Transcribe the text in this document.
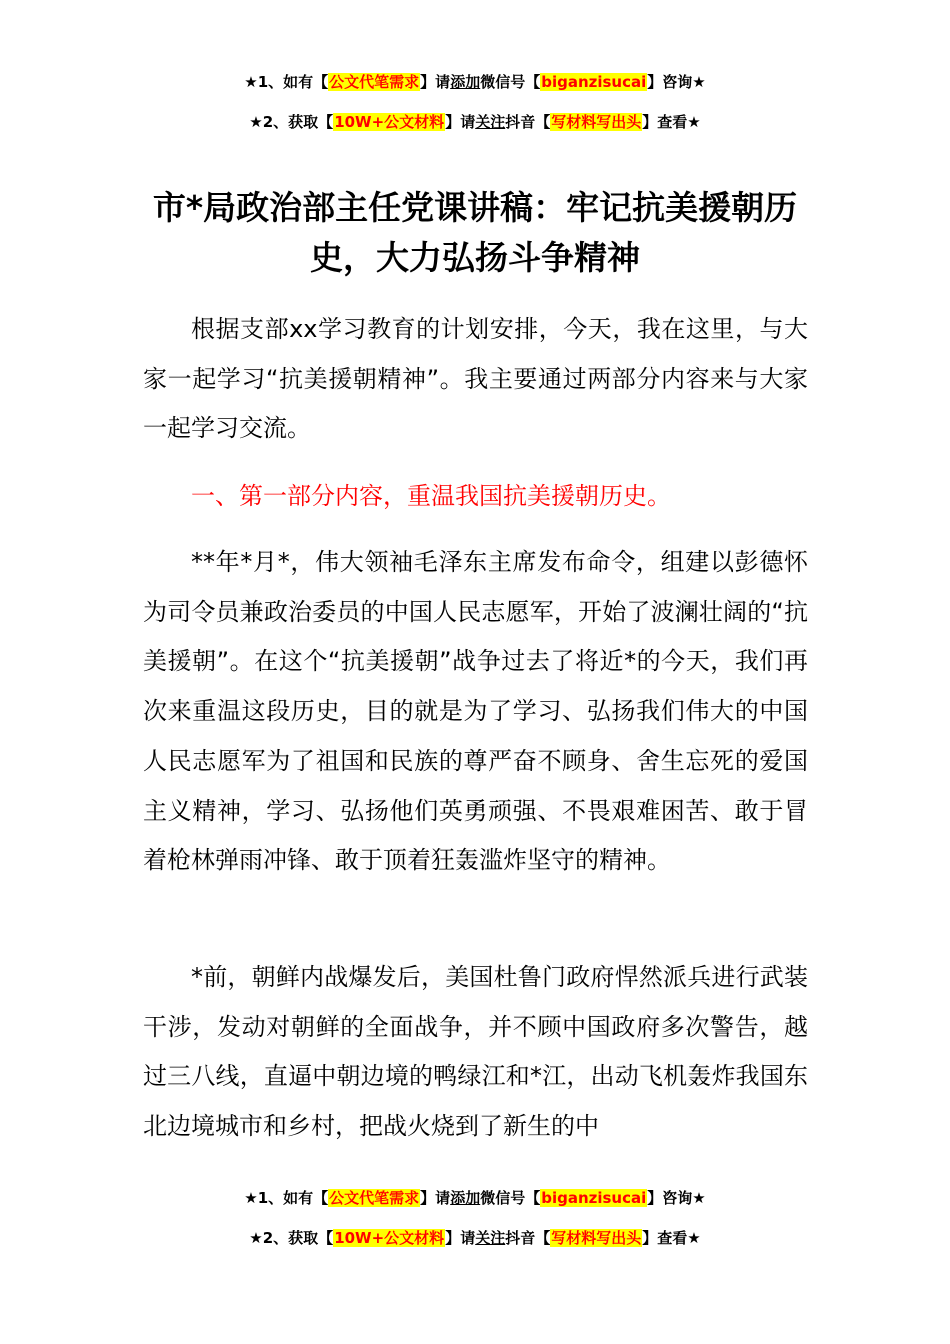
★1、如有【公文代笔需求】请添加微信号【biganzisucai】咨询★
★2、获取【10W+公文材料】请关注抖音【写材料写出头】查看★
市*局政治部主任党课讲稿：牢记抗美援朝历史，大力弘扬斗争精神
根据支部xx学习教育的计划安排，今天，我在这里，与大家一起学习“抗美援朝精神”。我主要通过两部分内容来与大家一起学习交流。
一、第一部分内容，重温我国抗美援朝历史。
**年*月*，伟大领袖毛泽东主席发布命令，组建以彭德怀为司令员兼政治委员的中国人民志愿军，开始了波澜壮阔的“抗美援朝”。在这个“抗美援朝”战争过去了将近*的今天，我们再次来重温这段历史，目的就是为了学习、弘扬我们伟大的中国人民志愿军为了祖国和民族的尊严奋不顾身、舍生忘死的爱国主义精神，学习、弘扬他们英勇顽强、不畏艰难困苦、敢于冒着枪林弹雨冲锋、敢于顶着狂轰滥炸坚守的精神。
*前，朝鲜内战爆发后，美国杜鲁门政府悍然派兵进行武装干涉，发动对朝鲜的全面战争，并不顾中国政府多次警告，越过三八线，直逼中朝边境的鸭绿江和*江，出动飞机轰炸我国东北边境城市和乡村，把战火烧到了新生的中
★1、如有【公文代笔需求】请添加微信号【biganzisucai】咨询★
★2、获取【10W+公文材料】请关注抖音【写材料写出头】查看★
